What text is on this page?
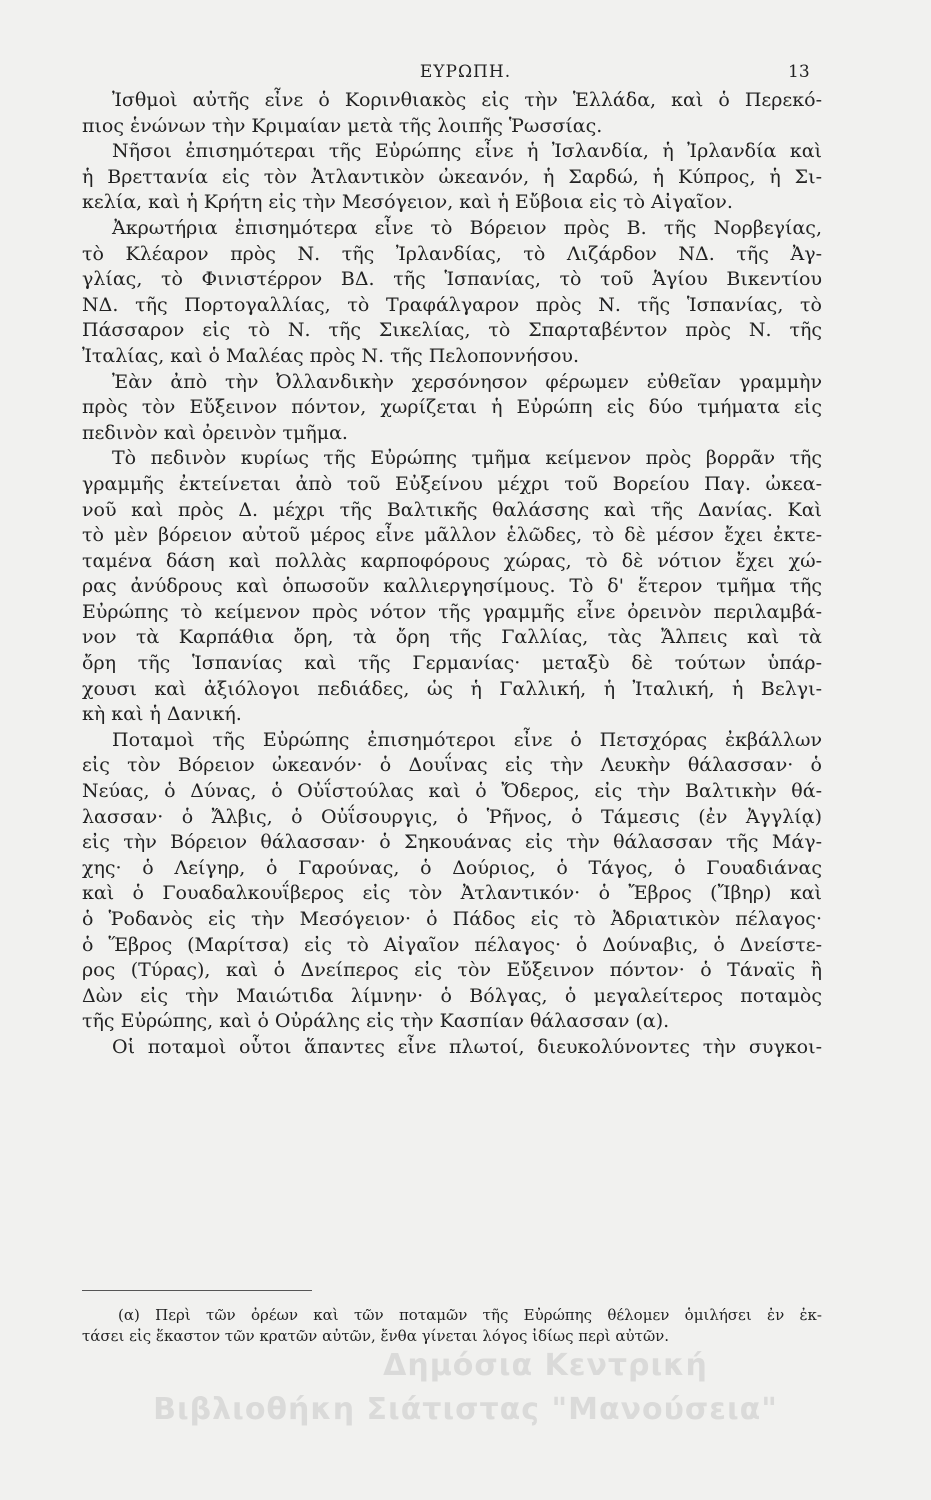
ΕΥΡΩΠΗ.	13
Ἰσθμοὶ αὐτῆς εἶνε ὁ Κορινθιακὸς εἰς τὴν Ἑλλάδα, καὶ ὁ Περεκό-
πιος ἑνώνων τὴν Κριμαίαν μετὰ τῆς λοιπῆς Ῥωσσίας.
Νῆσοι ἐπισημότεραι τῆς Εὐρώπης εἶνε ἡ Ἰσλανδία, ἡ Ἰρλανδία καὶ
ἡ Βρεττανία εἰς τὸν Ἀτλαντικὸν ὠκεανόν, ἡ Σαρδώ, ἡ Κύπρος, ἡ Σι-
κελία, καὶ ἡ Κρήτη εἰς τὴν Μεσόγειον, καὶ ἡ Εὔβοια εἰς τὸ Αἰγαῖον.
Ἀκρωτήρια ἐπισημότερα εἶνε τὸ Βόρειον πρὸς Β. τῆς Νορβεγίας,
τὸ Κλέαρον πρὸς Ν. τῆς Ἰρλανδίας, τὸ Λιζάρδον ΝΔ. τῆς Ἀγ-
γλίας, τὸ Φινιστέρρον ΒΔ. τῆς Ἱσπανίας, τὸ τοῦ Ἁγίου Βικεντίου
ΝΔ. τῆς Πορτογαλλίας, τὸ Τραφάλγαρον πρὸς Ν. τῆς Ἱσπανίας, τὸ
Πάσσαρον εἰς τὸ Ν. τῆς Σικελίας, τὸ Σπαρταβέντον πρὸς Ν. τῆς
Ἰταλίας, καὶ ὁ Μαλέας πρὸς Ν. τῆς Πελοποννήσου.
Ἐὰν ἀπὸ τὴν Ὀλλανδικὴν χερσόνησον φέρωμεν εὐθεῖαν γραμμὴν
πρὸς τὸν Εὔξεινον πόντον, χωρίζεται ἡ Εὐρώπη εἰς δύο τμήματα εἰς
πεδινὸν καὶ ὀρεινὸν τμῆμα.
Τὸ πεδινὸν κυρίως τῆς Εὐρώπης τμῆμα κείμενον πρὸς βορρᾶν τῆς
γραμμῆς ἐκτείνεται ἀπὸ τοῦ Εὐξείνου μέχρι τοῦ Βορείου Παγ. ὠκεα-
νοῦ καὶ πρὸς Δ. μέχρι τῆς Βαλτικῆς θαλάσσης καὶ τῆς Δανίας. Καὶ
τὸ μὲν βόρειον αὐτοῦ μέρος εἶνε μᾶλλον ἑλῶδες, τὸ δὲ μέσον ἔχει ἐκτε-
ταμένα δάση καὶ πολλὰς καρποφόρους χώρας, τὸ δὲ νότιον ἔχει χώ-
ρας ἀνύδρους καὶ ὁπωσοῦν καλλιεργησίμους. Τὸ δ' ἕτερον τμῆμα τῆς
Εὐρώπης τὸ κείμενον πρὸς νότον τῆς γραμμῆς εἶνε ὀρεινὸν περιλαμβά-
νον τὰ Καρπάθια ὄρη, τὰ ὄρη τῆς Γαλλίας, τὰς Ἄλπεις καὶ τὰ
ὄρη τῆς Ἱσπανίας καὶ τῆς Γερμανίας· μεταξὺ δὲ τούτων ὑπάρ-
χουσι καὶ ἀξιόλογοι πεδιάδες, ὡς ἡ Γαλλική, ἡ Ἰταλική, ἡ Βελγι-
κὴ καὶ ἡ Δανική.
Ποταμοὶ τῆς Εὐρώπης ἐπισημότεροι εἶνε ὁ Πετσχόρας ἐκβάλλων
εἰς τὸν Βόρειον ὠκεανόν· ὁ Δουΐνας εἰς τὴν Λευκὴν θάλασσαν· ὁ
Νεύας, ὁ Δύνας, ὁ Οὐΐστούλας καὶ ὁ Ὄδερος, εἰς τὴν Βαλτικὴν θά-
λασσαν· ὁ Ἄλβις, ὁ Οὐΐσουργις, ὁ Ῥῆνος, ὁ Τάμεσις (ἐν Ἀγγλίᾳ)
εἰς τὴν Βόρειον θάλασσαν· ὁ Σηκουάνας εἰς τὴν θάλασσαν τῆς Μάγ-
χης· ὁ Λείγηρ, ὁ Γαρούνας, ὁ Δούριος, ὁ Τάγος, ὁ Γουαδιάνας
καὶ ὁ Γουαδαλκουΐβερος εἰς τὸν Ἀτλαντικόν· ὁ Ἔβρος (Ἴβηρ) καὶ
ὁ Ῥοδανὸς εἰς τὴν Μεσόγειον· ὁ Πάδος εἰς τὸ Ἀδριατικὸν πέλαγος·
ὁ Ἕβρος (Μαρίτσα) εἰς τὸ Αἰγαῖον πέλαγος· ὁ Δούναβις, ὁ Δνείστε-
ρος (Τύρας), καὶ ὁ Δνείπερος εἰς τὸν Εὔξεινον πόντον· ὁ Τάναϊς ἢ
Δὼν εἰς τὴν Μαιώτιδα λίμνην· ὁ Βόλγας, ὁ μεγαλείτερος ποταμὸς
τῆς Εὐρώπης, καὶ ὁ Οὐράλης εἰς τὴν Κασπίαν θάλασσαν (α).
Οἱ ποταμοὶ οὗτοι ἅπαντες εἶνε πλωτοί, διευκολύνοντες τὴν συγκοι-
(α) Περὶ τῶν ὀρέων καὶ τῶν ποταμῶν τῆς Εὐρώπης θέλομεν ὁμιλήσει ἐν ἐκ-
τάσει εἰς ἕκαστον τῶν κρατῶν αὐτῶν, ἔνθα γίνεται λόγος ἰδίως περὶ αὐτῶν.
Δημόσια Κεντρική
Βιβλιοθήκη Σιάτιστας "Μανούσεια"
